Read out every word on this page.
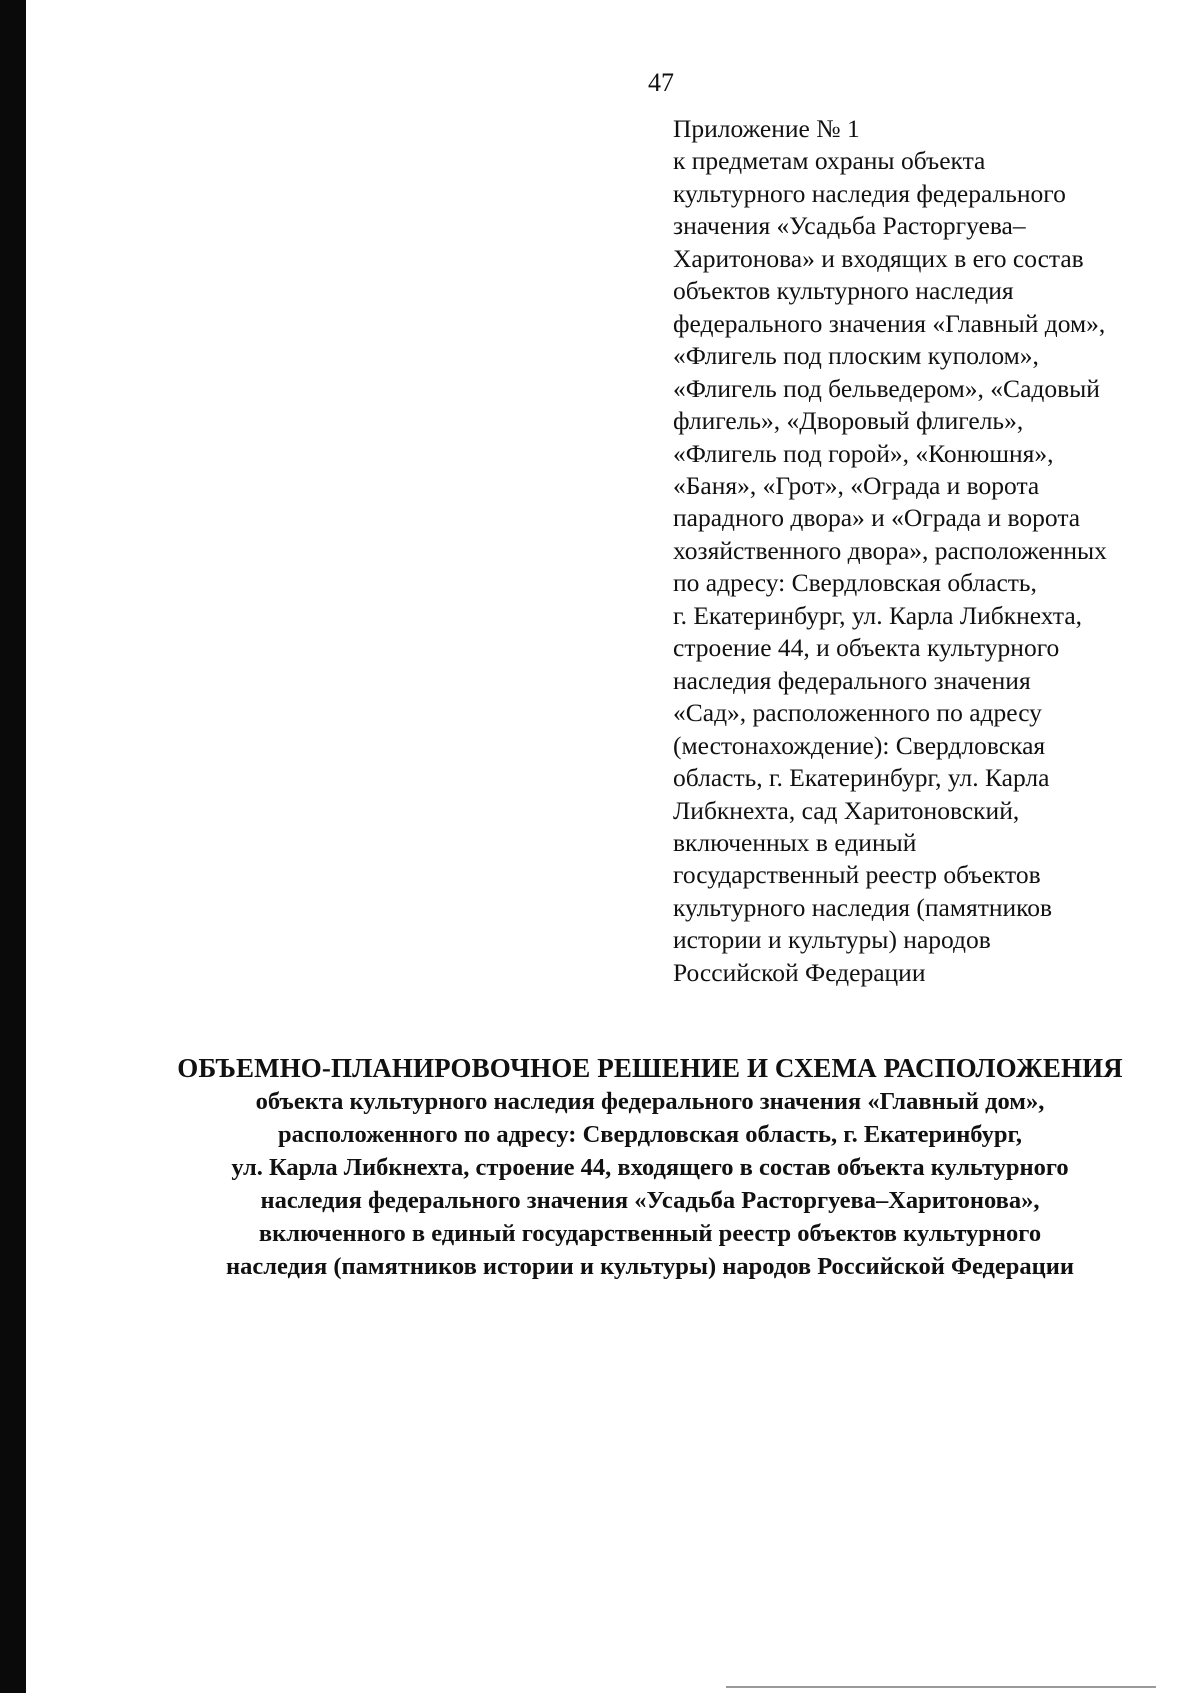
47
Приложение № 1
к предметам охраны объекта
культурного наследия федерального
значения «Усадьба Расторгуева–
Харитонова» и входящих в его состав
объектов культурного наследия
федерального значения «Главный дом»,
«Флигель под плоским куполом»,
«Флигель под бельведером», «Садовый
флигель», «Дворовый флигель»,
«Флигель под горой», «Конюшня»,
«Баня», «Грот», «Ограда и ворота
парадного двора» и «Ограда и ворота
хозяйственного двора», расположенных
по адресу: Свердловская область,
г. Екатеринбург, ул. Карла Либкнехта,
строение 44, и объекта культурного
наследия федерального значения
«Сад», расположенного по адресу
(местонахождение): Свердловская
область, г. Екатеринбург, ул. Карла
Либкнехта, сад Харитоновский,
включенных в единый
государственный реестр объектов
культурного наследия (памятников
истории и культуры) народов
Российской Федерации
ОБЪЕМНО-ПЛАНИРОВОЧНОЕ РЕШЕНИЕ И СХЕМА РАСПОЛОЖЕНИЯ
объекта культурного наследия федерального значения «Главный дом»,
расположенного по адресу: Свердловская область, г. Екатеринбург,
ул. Карла Либкнехта, строение 44, входящего в состав объекта культурного
наследия федерального значения «Усадьба Расторгуева–Харитонова»,
включенного в единый государственный реестр объектов культурного
наследия (памятников истории и культуры) народов Российской Федерации
